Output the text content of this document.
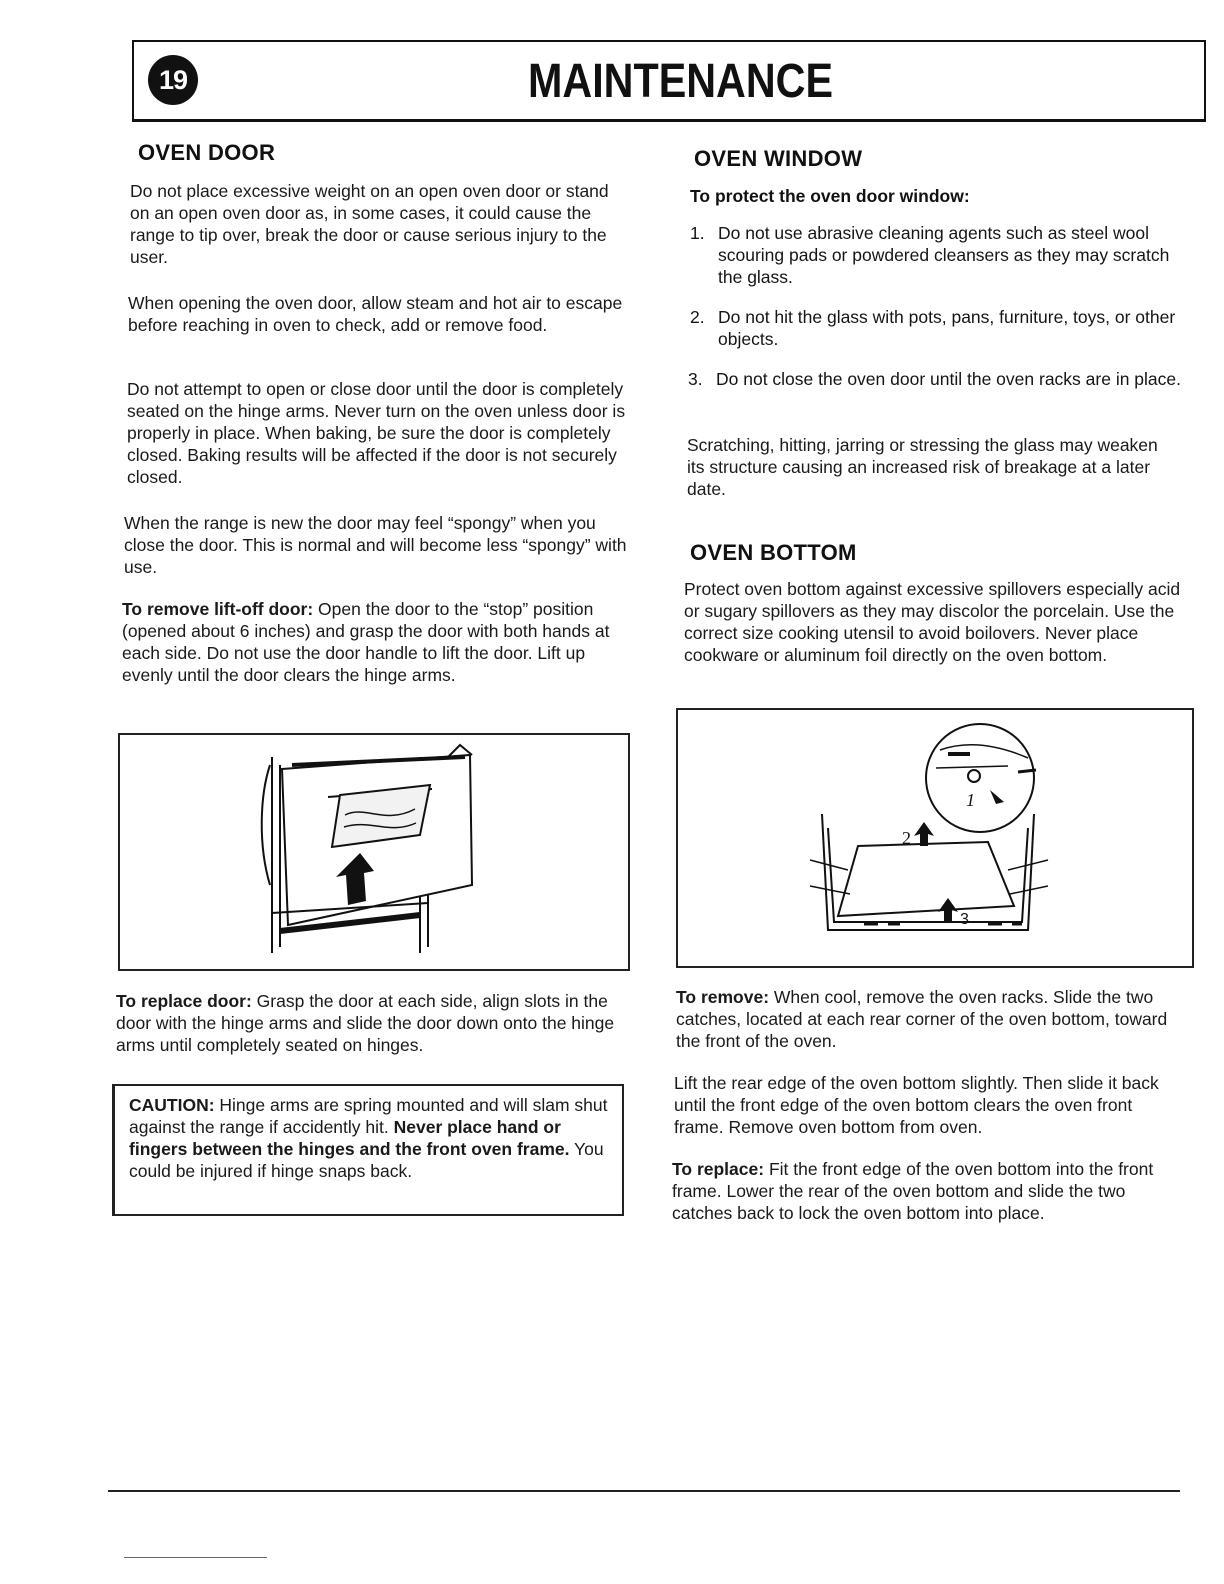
19	MAINTENANCE
OVEN DOOR
Do not place excessive weight on an open oven door or stand on an open oven door as, in some cases, it could cause the range to tip over, break the door or cause serious injury to the user.
When opening the oven door, allow steam and hot air to escape before reaching in oven to check, add or remove food.
Do not attempt to open or close door until the door is completely seated on the hinge arms. Never turn on the oven unless door is properly in place. When baking, be sure the door is completely closed. Baking results will be affected if the door is not securely closed.
When the range is new the door may feel “spongy” when you close the door. This is normal and will become less “spongy” with use.
To remove lift-off door: Open the door to the “stop” position (opened about 6 inches) and grasp the door with both hands at each side. Do not use the door handle to lift the door. Lift up evenly until the door clears the hinge arms.
To replace door: Grasp the door at each side, align slots in the door with the hinge arms and slide the door down onto the hinge arms until completely seated on hinges.
CAUTION: Hinge arms are spring mounted and will slam shut against the range if accidently hit. Never place hand or fingers between the hinges and the front oven frame. You could be injured if hinge snaps back.
OVEN WINDOW
To protect the oven door window:
1. Do not use abrasive cleaning agents such as steel wool scouring pads or powdered cleansers as they may scratch the glass.
2. Do not hit the glass with pots, pans, furniture, toys, or other objects.
3. Do not close the oven door until the oven racks are in place.
Scratching, hitting, jarring or stressing the glass may weaken its structure causing an increased risk of breakage at a later date.
OVEN BOTTOM
Protect oven bottom against excessive spillovers especially acid or sugary spillovers as they may discolor the porcelain. Use the correct size cooking utensil to avoid boilovers. Never place cookware or aluminum foil directly on the oven bottom.
1
2
3
To remove: When cool, remove the oven racks. Slide the two catches, located at each rear corner of the oven bottom, toward the front of the oven.
Lift the rear edge of the oven bottom slightly. Then slide it back until the front edge of the oven bottom clears the oven front frame. Remove oven bottom from oven.
To replace: Fit the front edge of the oven bottom into the front frame. Lower the rear of the oven bottom and slide the two catches back to lock the oven bottom into place.
